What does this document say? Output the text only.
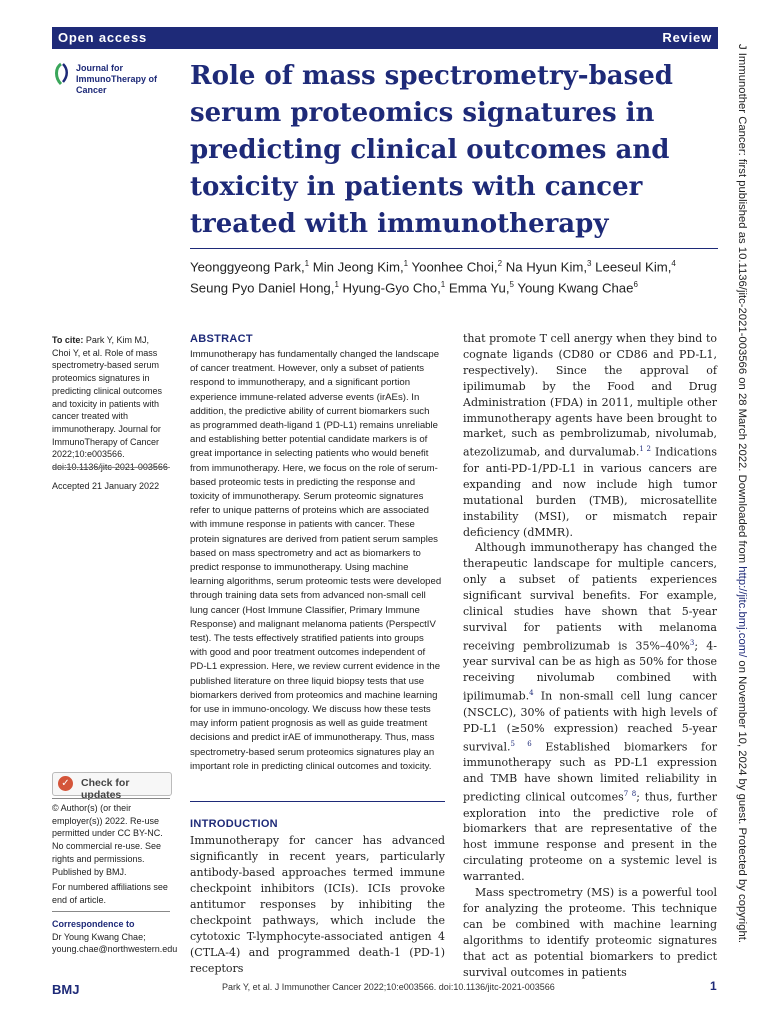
Open access	Review
Journal for ImmunoTherapy of Cancer	Role of mass spectrometry-based serum proteomics signatures in predicting clinical outcomes and toxicity in patients with cancer treated with immunotherapy
Yeonggyeong Park,$^1$ Min Jeong Kim,$^1$ Yoonhee Choi,$^2$ Na Hyun Kim,$^3$ Leeseul Kim,$^4$
Seung Pyo Daniel Hong,$^1$ Hyung-Gyo Cho,$^1$ Emma Yu,$^5$ Young Kwang Chae$^6$
To cite: Park Y, Kim MJ, Choi Y, et al. Role of mass spectrometry-based serum proteomics signatures in predicting clinical outcomes and toxicity in patients with cancer treated with immunotherapy. Journal for ImmunoTherapy of Cancer 2022;10:e003566. doi:10.1136/jitc-2021-003566
Accepted 21 January 2022
✓	Check for updates
© Author(s) (or their employer(s)) 2022. Re-use permitted under CC BY-NC. No commercial re-use. See rights and permissions. Published by BMJ.
For numbered affiliations see end of article.
Correspondence to
Dr Young Kwang Chae;
young.chae@northwestern.edu
ABSTRACT
Immunotherapy has fundamentally changed the landscape of cancer treatment. However, only a subset of patients respond to immunotherapy, and a significant portion experience immune-related adverse events (irAEs). In addition, the predictive ability of current biomarkers such as programmed death-ligand 1 (PD-L1) remains unreliable and establishing better potential candidate markers is of great importance in selecting patients who would benefit from immunotherapy. Here, we focus on the role of serum-based proteomic tests in predicting the response and toxicity of immunotherapy. Serum proteomic signatures refer to unique patterns of proteins which are associated with immune response in patients with cancer. These protein signatures are derived from patient serum samples based on mass spectrometry and act as biomarkers to predict response to immunotherapy. Using machine learning algorithms, serum proteomic tests were developed through training data sets from advanced non-small cell lung cancer (Host Immune Classifier, Primary Immune Response) and malignant melanoma patients (PerspectIV test). The tests effectively stratified patients into groups with good and poor treatment outcomes independent of PD-L1 expression. Here, we review current evidence in the published literature on three liquid biopsy tests that use biomarkers derived from proteomics and machine learning for use in immuno-oncology. We discuss how these tests may inform patient prognosis as well as guide treatment decisions and predict irAE of immunotherapy. Thus, mass spectrometry-based serum proteomics signatures play an important role in predicting clinical outcomes and toxicity.
INTRODUCTION
Immunotherapy for cancer has advanced significantly in recent years, particularly antibody-based approaches termed immune checkpoint inhibitors (ICIs). ICIs provoke antitumor responses by inhibiting the checkpoint pathways, which include the cytotoxic T-lymphocyte-associated antigen 4 (CTLA-4) and programmed death-1 (PD-1) receptors

that promote T cell anergy when they bind to cognate ligands (CD80 or CD86 and PD-L1, respectively). Since the approval of ipilimumab by the Food and Drug Administration (FDA) in 2011, multiple other immunotherapy agents have been brought to market, such as pembrolizumab, nivolumab, atezolizumab, and durvalumab.$^{1 2}$ Indications for anti-PD-1/PD-L1 in various cancers are expanding and now include high tumor mutational burden (TMB), microsatellite instability (MSI), or mismatch repair deficiency (dMMR).

Although immunotherapy has changed the therapeutic landscape for multiple cancers, only a subset of patients experiences significant survival benefits. For example, clinical studies have shown that 5-year survival for patients with melanoma receiving pembrolizumab is 35%–40%$^3$; 4-year survival can be as high as 50% for those receiving nivolumab combined with ipilimumab.$^4$ In non-small cell lung cancer (NSCLC), 30% of patients with high levels of PD-L1 (≥50% expression) reached 5-year survival.$^{5 6}$ Established biomarkers for immunotherapy such as PD-L1 expression and TMB have shown limited reliability in predicting clinical outcomes$^{7 8}$; thus, further exploration into the predictive role of biomarkers that are representative of the host immune response and present in the circulating proteome on a systemic level is warranted.

Mass spectrometry (MS) is a powerful tool for analyzing the proteome. This technique can be combined with machine learning algorithms to identify proteomic signatures that act as potential biomarkers to predict survival outcomes in patients

BMJ	Park Y, et al. J Immunother Cancer 2022;10:e003566. doi:10.1136/jitc-2021-003566	1
J Immunother Cancer: first published as 10.1136/jitc-2021-003566 on 28 March 2022. Downloaded from http://jitc.bmj.com/ on November 10, 2024 by guest. Protected by copyright.
